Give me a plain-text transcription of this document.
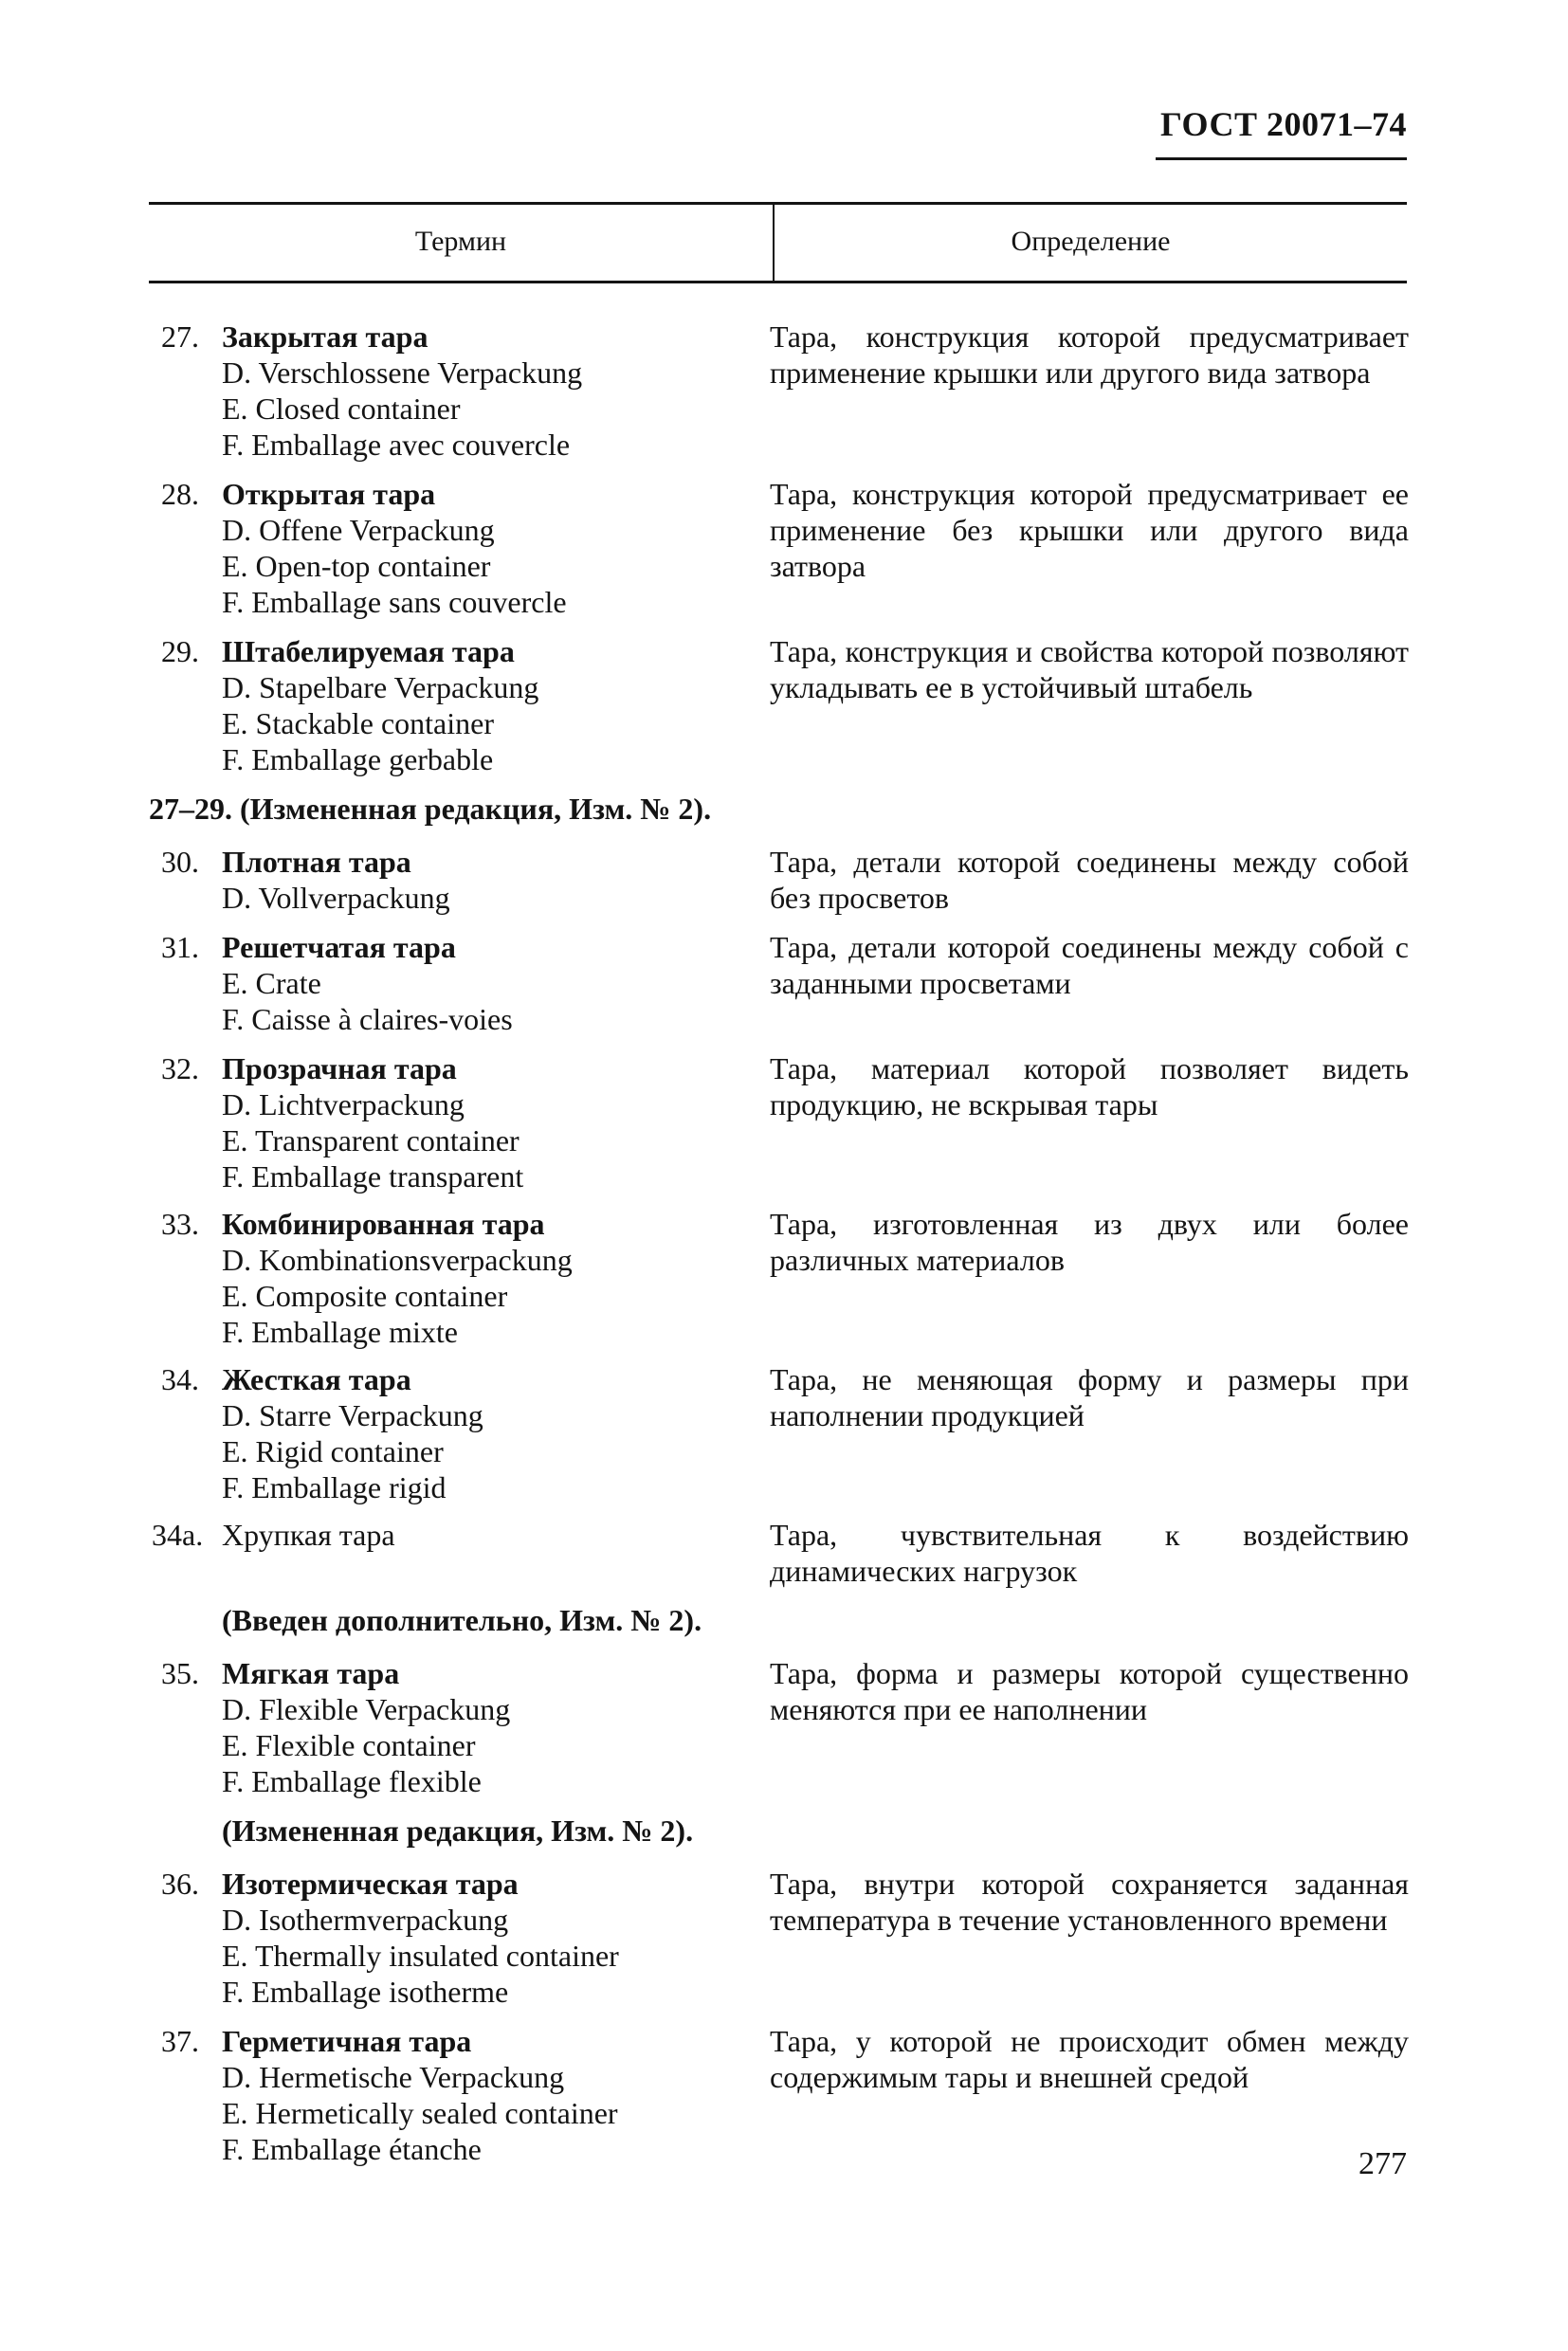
ГОСТ 20071–74
Термин	Определение
27. Закрытая тара
D. Verschlossene Verpackung
E. Closed container
F. Emballage avec couvercle
Тара, конструкция которой предусматривает применение крышки или другого вида затвора
28. Открытая тара
D. Offene Verpackung
E. Open-top container
F. Emballage sans couvercle
Тара, конструкция которой предусматривает ее применение без крышки или другого вида затвора
29. Штабелируемая тара
D. Stapelbare Verpackung
E. Stackable container
F. Emballage gerbable
Тара, конструкция и свойства которой позволяют укладывать ее в устойчивый штабель
27–29. (Измененная редакция, Изм. № 2).
30. Плотная тара
D. Vollverpackung
Тара, детали которой соединены между собой без просветов
31. Решетчатая тара
E. Crate
F. Caisse à claires-voies
Тара, детали которой соединены между собой с заданными просветами
32. Прозрачная тара
D. Lichtverpackung
E. Transparent container
F. Emballage transparent
Тара, материал которой позволяет видеть продукцию, не вскрывая тары
33. Комбинированная тара
D. Kombinationsverpackung
E. Composite container
F. Emballage mixte
Тара, изготовленная из двух или более различных материалов
34. Жесткая тара
D. Starre Verpackung
E. Rigid container
F. Emballage rigid
Тара, не меняющая форму и размеры при наполнении продукцией
34а. Хрупкая тара	Тара, чувствительная к воздействию динамических нагрузок
(Введен дополнительно, Изм. № 2).
35. Мягкая тара
D. Flexible Verpackung
E. Flexible container
F. Emballage flexible
Тара, форма и размеры которой существенно меняются при ее наполнении
(Измененная редакция, Изм. № 2).
36. Изотермическая тара
D. Isothermverpackung
E. Thermally insulated container
F. Emballage isotherme
Тара, внутри которой сохраняется заданная температура в течение установленного времени
37. Герметичная тара
D. Hermetische Verpackung
E. Hermetically sealed container
F. Emballage étanche
Тара, у которой не происходит обмен между содержимым тары и внешней средой
277
